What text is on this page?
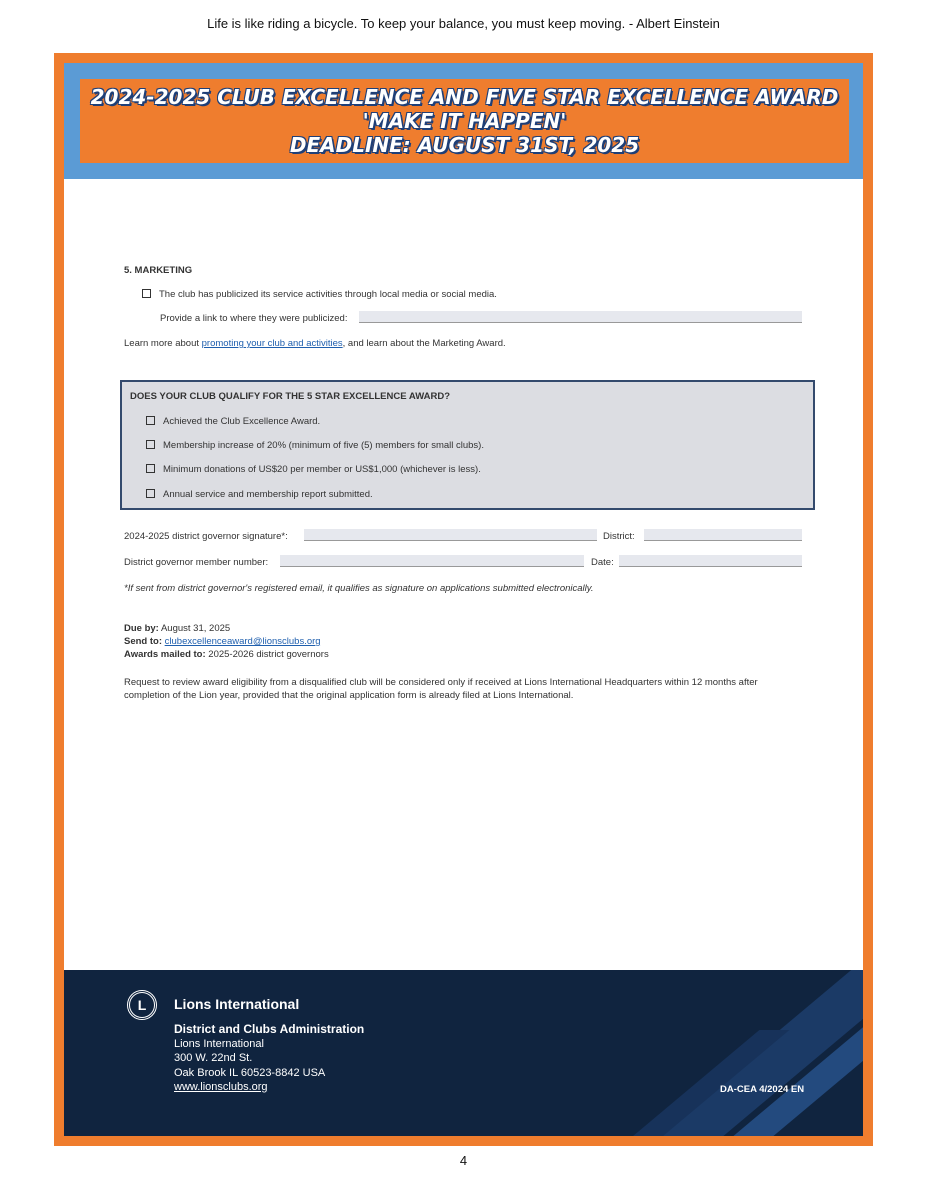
Life is like riding a bicycle. To keep your balance, you must keep moving. - Albert Einstein
2024-2025 CLUB EXCELLENCE AND FIVE STAR EXCELLENCE AWARD
'MAKE IT HAPPEN'
DEADLINE: AUGUST 31ST, 2025
5. MARKETING
The club has publicized its service activities through local media or social media.
Provide a link to where they were publicized:
Learn more about promoting your club and activities, and learn about the Marketing Award.
DOES YOUR CLUB QUALIFY FOR THE 5 STAR EXCELLENCE AWARD?
Achieved the Club Excellence Award.
Membership increase of 20% (minimum of five (5) members for small clubs).
Minimum donations of US$20 per member or US$1,000 (whichever is less).
Annual service and membership report submitted.
2024-2025 district governor signature*:	District:
District governor member number:	Date:
*If sent from district governor's registered email, it qualifies as signature on applications submitted electronically.
Due by: August 31, 2025
Send to: clubexcellenceaward@lionsclubs.org
Awards mailed to: 2025-2026 district governors
Request to review award eligibility from a disqualified club will be considered only if received at Lions International Headquarters within 12 months after
completion of the Lion year, provided that the original application form is already filed at Lions International.
L	Lions International
District and Clubs Administration
Lions International
300 W. 22nd St.
Oak Brook IL 60523-8842 USA
www.lionsclubs.org	DA-CEA 4/2024 EN
4
